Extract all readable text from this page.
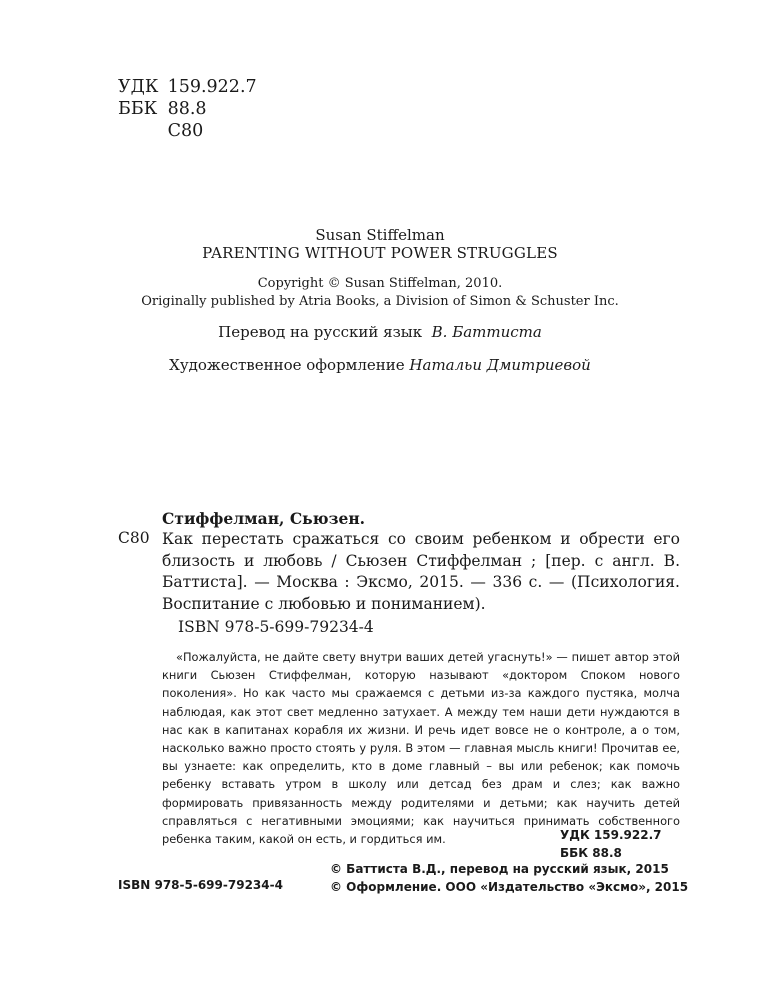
УДК 159.922.7
ББК 88.8
С80
Susan Stiffelman
PARENTING WITHOUT POWER STRUGGLES
Copyright © Susan Stiffelman, 2010.
Originally published by Atria Books, a Division of Simon & Schuster Inc.
Перевод на русский язык В. Баттиста
Художественное оформление Натальи Дмитриевой
Стиффелман, Сьюзен.
С80 Как перестать сражаться со своим ребенком и обрести его близость и любовь / Сьюзен Стиффелман ; [пер. с англ. В. Баттиста]. — Москва : Эксмо, 2015. — 336 с. — (Психология. Воспитание с любовью и пониманием).
ISBN 978-5-699-79234-4
«Пожалуйста, не дайте свету внутри ваших детей угаснуть!» — пишет автор этой книги Сьюзен Стиффелман, которую называют «доктором Споком нового поколения». Но как часто мы сражаемся с детьми из-за каждого пустяка, молча наблюдая, как этот свет медленно затухает. А между тем наши дети нуждаются в нас как в капитанах корабля их жизни. И речь идет вовсе не о контроле, а о том, насколько важно просто стоять у руля. В этом — главная мысль книги! Прочитав ее, вы узнаете: как определить, кто в доме главный – вы или ребенок; как помочь ребенку вставать утром в школу или детсад без драм и слез; как важно формировать привязанность между родителями и детьми; как научить детей справляться с негативными эмоциями; как научиться принимать собственного ребенка таким, какой он есть, и гордиться им.	УДК 159.922.7
ББК 88.8
ISBN 978-5-699-79234-4
© Баттиста В.Д., перевод на русский язык, 2015
© Оформление. ООО «Издательство «Эксмо», 2015
